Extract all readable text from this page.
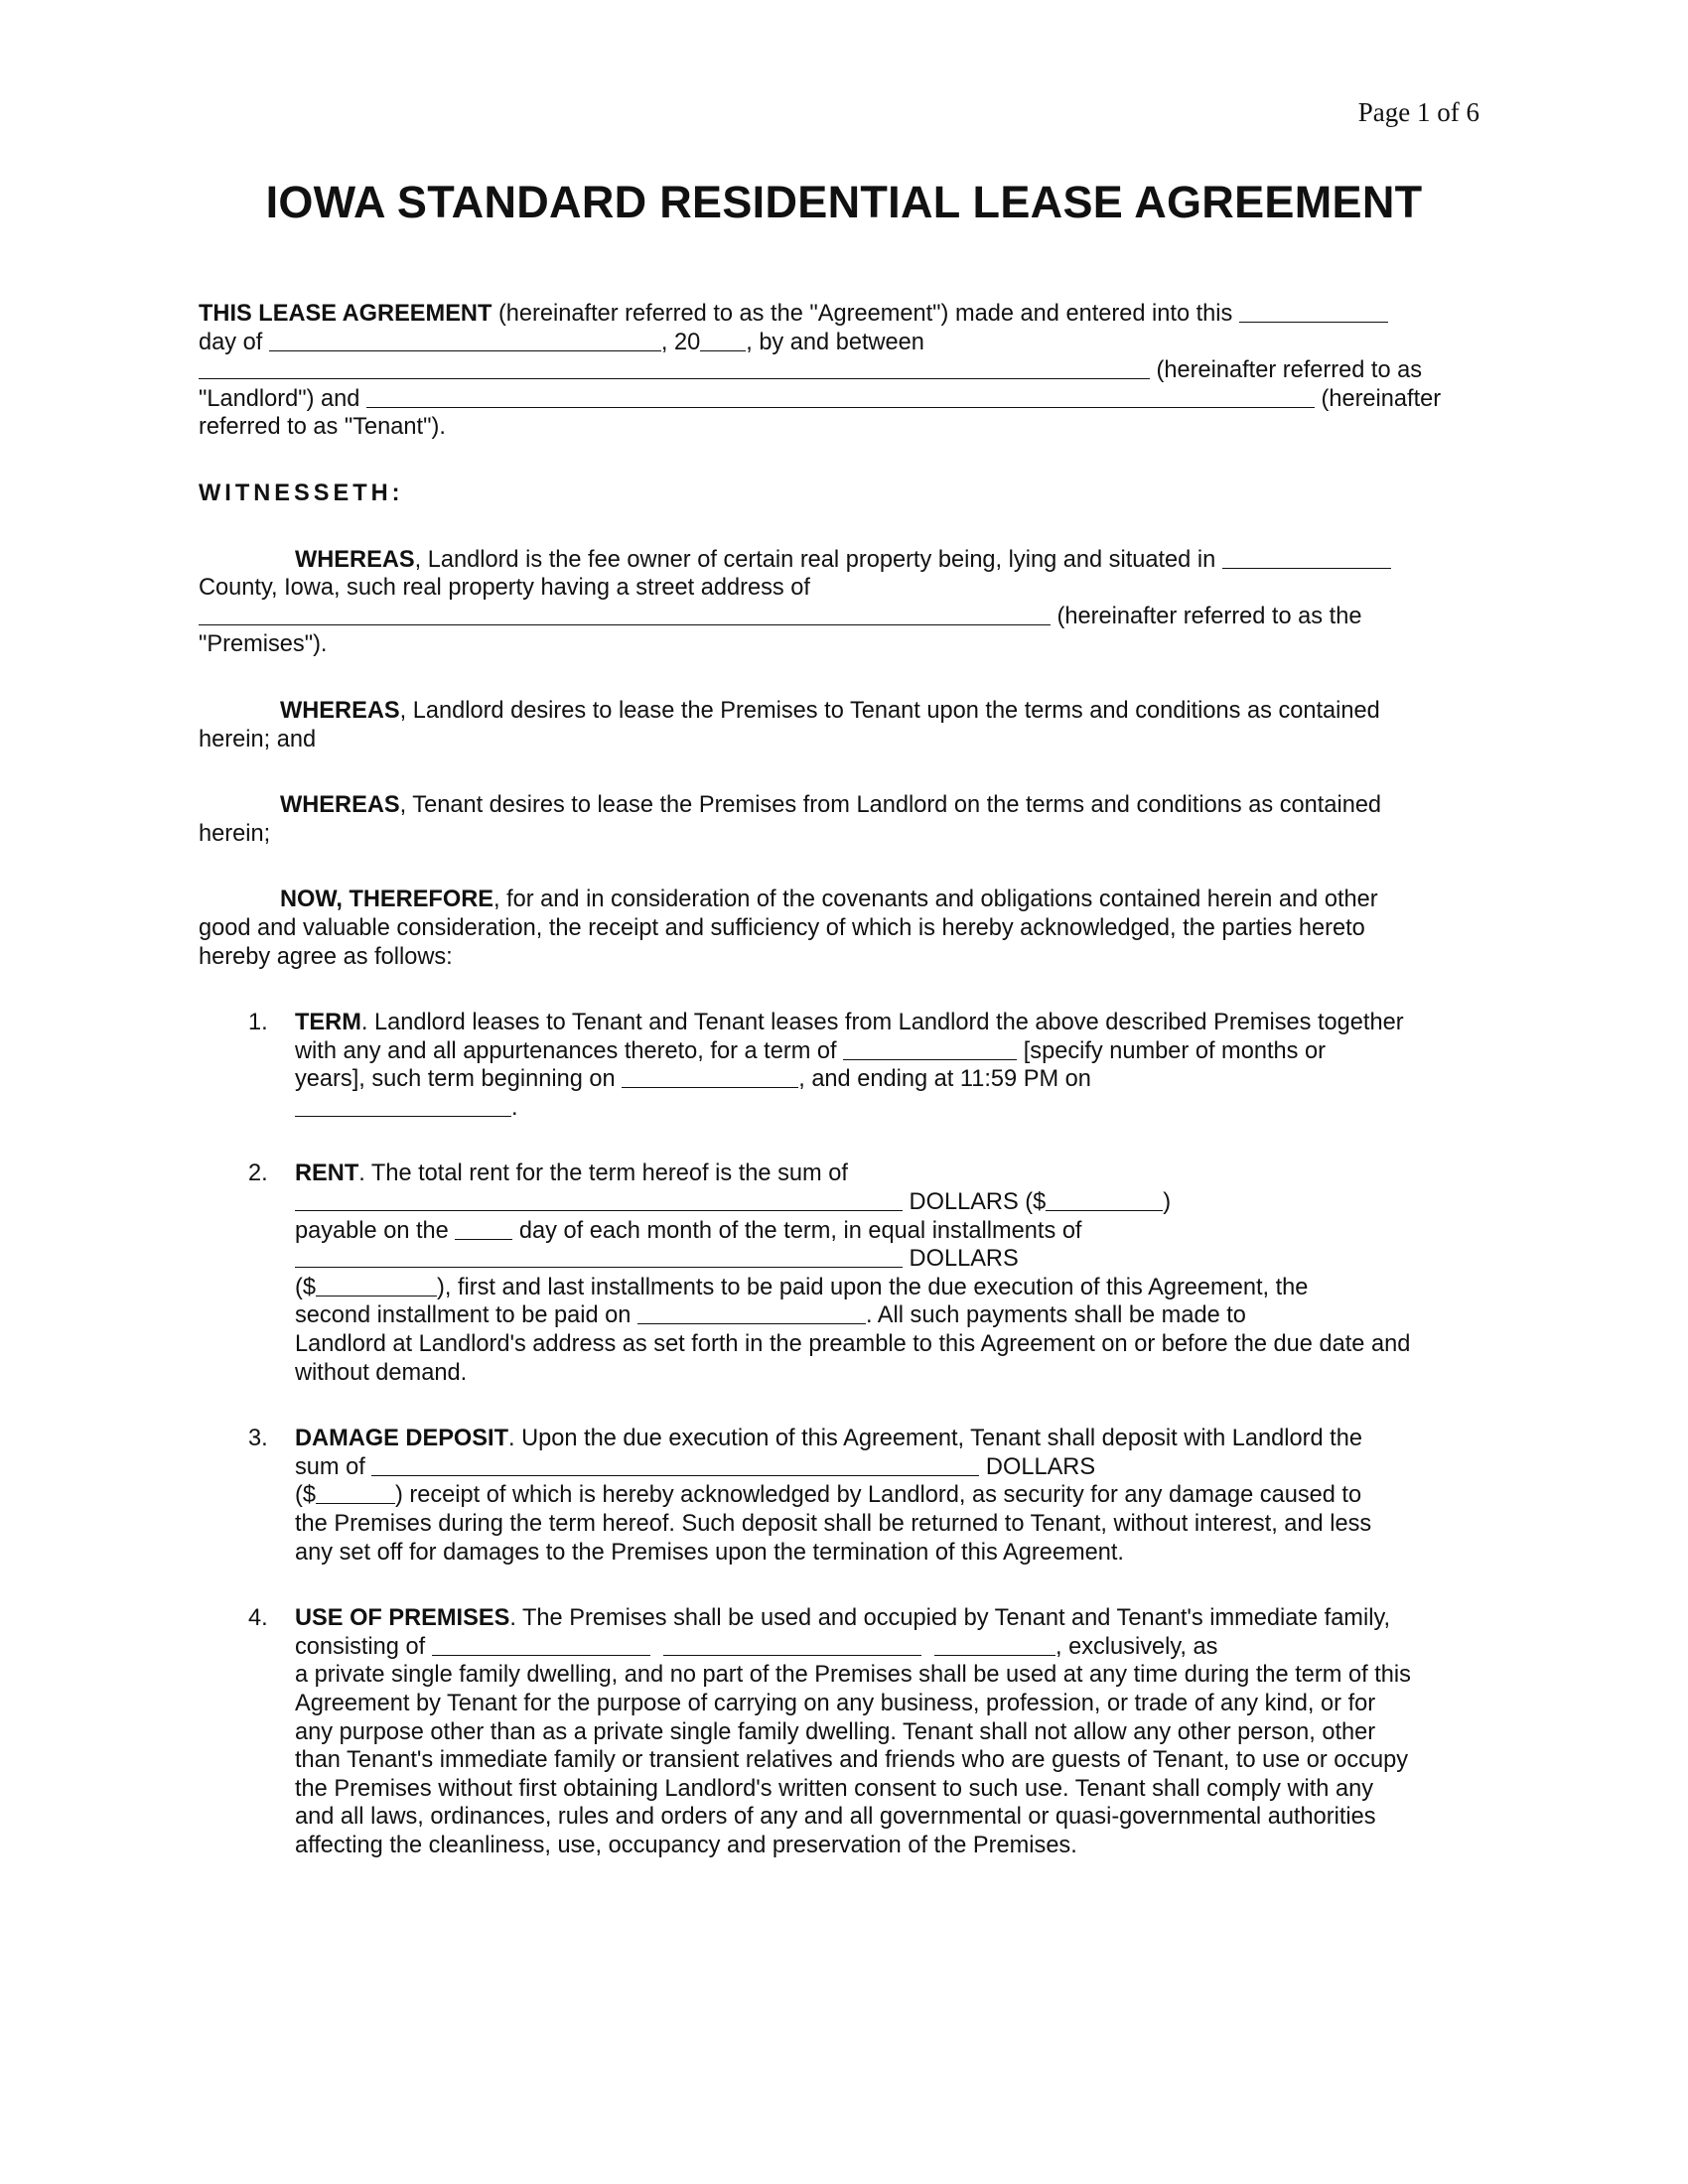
Page 1 of 6
IOWA STANDARD RESIDENTIAL LEASE AGREEMENT
THIS LEASE AGREEMENT (hereinafter referred to as the "Agreement") made and entered into this
day of	, 20 , by and between
(hereinafter referred to as
"Landlord") and	(hereinafter
referred to as "Tenant").
WITNESSETH:
WHEREAS, Landlord is the fee owner of certain real property being, lying and situated in
County, Iowa, such real property having a street address of
(hereinafter referred to as the
"Premises").
WHEREAS, Landlord desires to lease the Premises to Tenant upon the terms and conditions as contained
herein; and
WHEREAS, Tenant desires to lease the Premises from Landlord on the terms and conditions as contained
herein;
NOW, THEREFORE, for and in consideration of the covenants and obligations contained herein and other
good and valuable consideration, the receipt and sufficiency of which is hereby acknowledged, the parties hereto
hereby agree as follows:
1. TERM. Landlord leases to Tenant and Tenant leases from Landlord the above described Premises together
with any and all appurtenances thereto, for a term of	[specify number of months or
years], such term beginning on	, and ending at 11:59 PM on
.
2. RENT. The total rent for the term hereof is the sum of
DOLLARS ($	)
payable on the	day of each month of the term, in equal installments of
DOLLARS
($	), first and last installments to be paid upon the due execution of this Agreement, the
second installment to be paid on	. All such payments shall be made to
Landlord at Landlord's address as set forth in the preamble to this Agreement on or before the due date and
without demand.
3. DAMAGE DEPOSIT. Upon the due execution of this Agreement, Tenant shall deposit with Landlord the
sum of	DOLLARS
($	) receipt of which is hereby acknowledged by Landlord, as security for any damage caused to
the Premises during the term hereof. Such deposit shall be returned to Tenant, without interest, and less
any set off for damages to the Premises upon the termination of this Agreement.
4. USE OF PREMISES. The Premises shall be used and occupied by Tenant and Tenant's immediate family,
consisting of	, exclusively, as
a private single family dwelling, and no part of the Premises shall be used at any time during the term of this
Agreement by Tenant for the purpose of carrying on any business, profession, or trade of any kind, or for
any purpose other than as a private single family dwelling. Tenant shall not allow any other person, other
than Tenant's immediate family or transient relatives and friends who are guests of Tenant, to use or occupy
the Premises without first obtaining Landlord's written consent to such use. Tenant shall comply with any
and all laws, ordinances, rules and orders of any and all governmental or quasi-governmental authorities
affecting the cleanliness, use, occupancy and preservation of the Premises.
